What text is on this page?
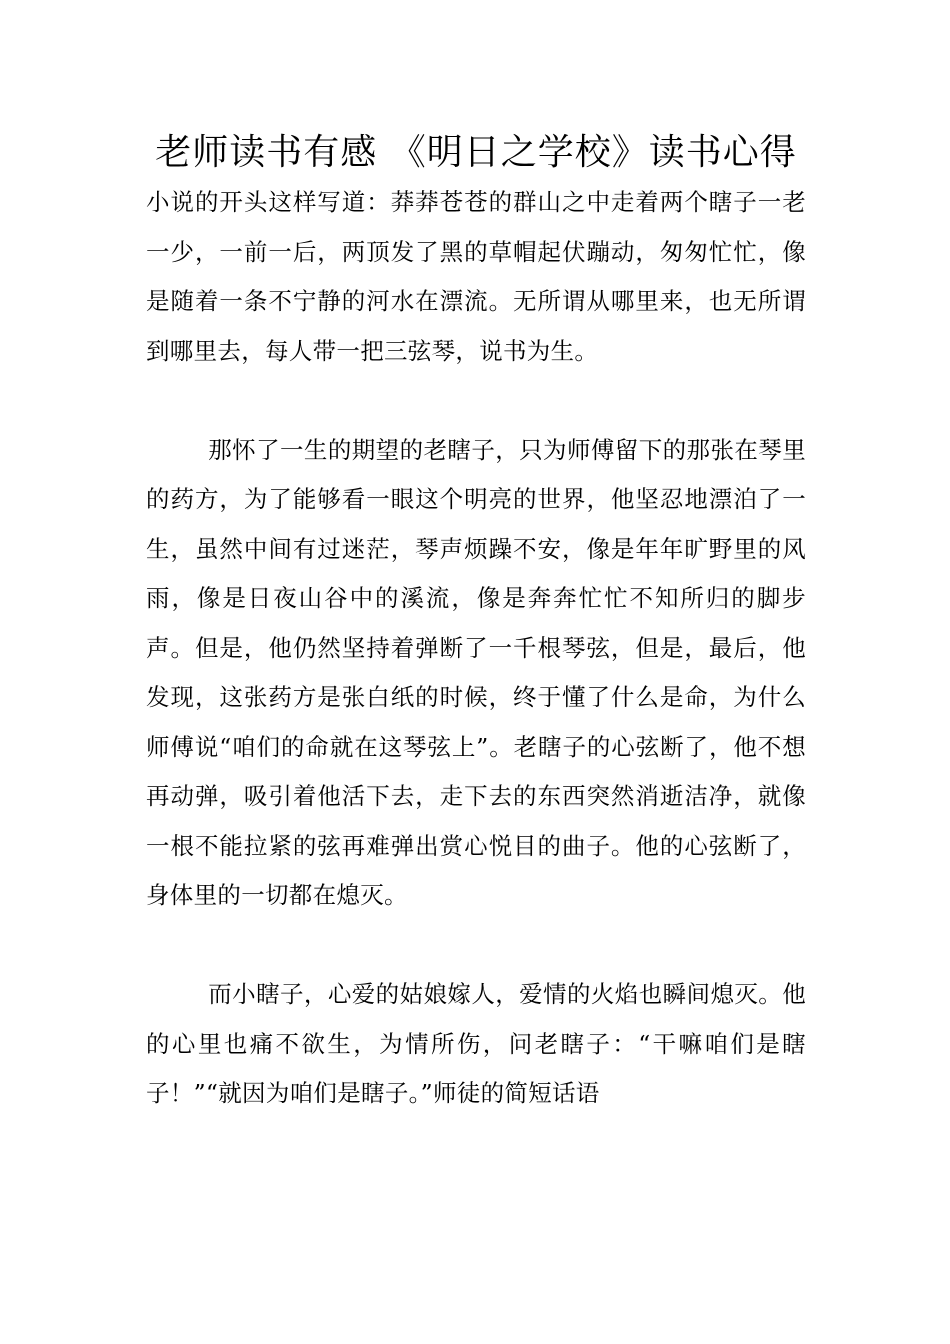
老师读书有感 《明日之学校》读书心得

小说的开头这样写道：莽莽苍苍的群山之中走着两个瞎子一老一少，一前一后，两顶发了黑的草帽起伏蹦动，匆匆忙忙，像是随着一条不宁静的河水在漂流。无所谓从哪里来，也无所谓到哪里去，每人带一把三弦琴，说书为生。

那怀了一生的期望的老瞎子，只为师傅留下的那张在琴里的药方，为了能够看一眼这个明亮的世界，他坚忍地漂泊了一生，虽然中间有过迷茫，琴声烦躁不安，像是年年旷野里的风雨，像是日夜山谷中的溪流，像是奔奔忙忙不知所归的脚步声。但是，他仍然坚持着弹断了一千根琴弦，但是，最后，他发现，这张药方是张白纸的时候，终于懂了什么是命，为什么师傅说“咱们的命就在这琴弦上”。老瞎子的心弦断了，他不想再动弹，吸引着他活下去，走下去的东西突然消逝洁净，就像一根不能拉紧的弦再难弹出赏心悦目的曲子。他的心弦断了，身体里的一切都在熄灭。

而小瞎子，心爱的姑娘嫁人，爱情的火焰也瞬间熄灭。他的心里也痛不欲生，为情所伤，问老瞎子：“干嘛咱们是瞎子！”“就因为咱们是瞎子。”师徒的简短话语
